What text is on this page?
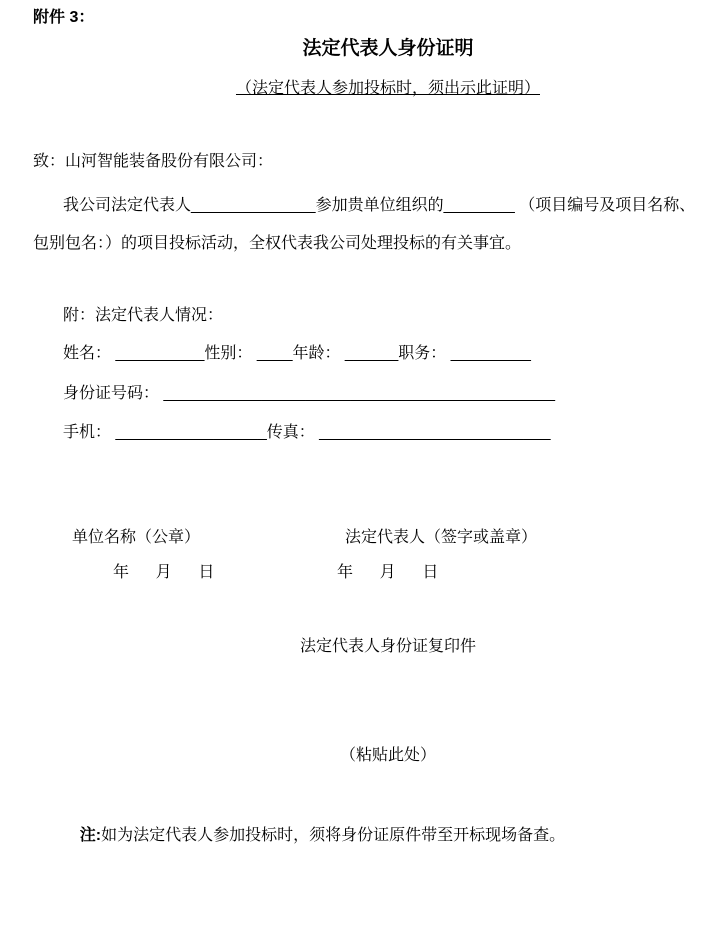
附件 3：
法定代表人身份证明
（法定代表人参加投标时，须出示此证明）
致：山河智能装备股份有限公司：
我公司法定代表人______________参加贵单位组织的________ （项目编号及项目名称、
包别包名：）的项目投标活动，全权代表我公司处理投标的有关事宜。
附：法定代表人情况：
姓名： __________性别： ____年龄： ______职务： _________
身份证号码： ____________________________________________
手机： _________________传真： __________________________
单位名称（公章）	法定代表人（签字或盖章）
年      月      日	年      月      日
法定代表人身份证复印件
（粘贴此处）

注:如为法定代表人参加投标时，须将身份证原件带至开标现场备查。
